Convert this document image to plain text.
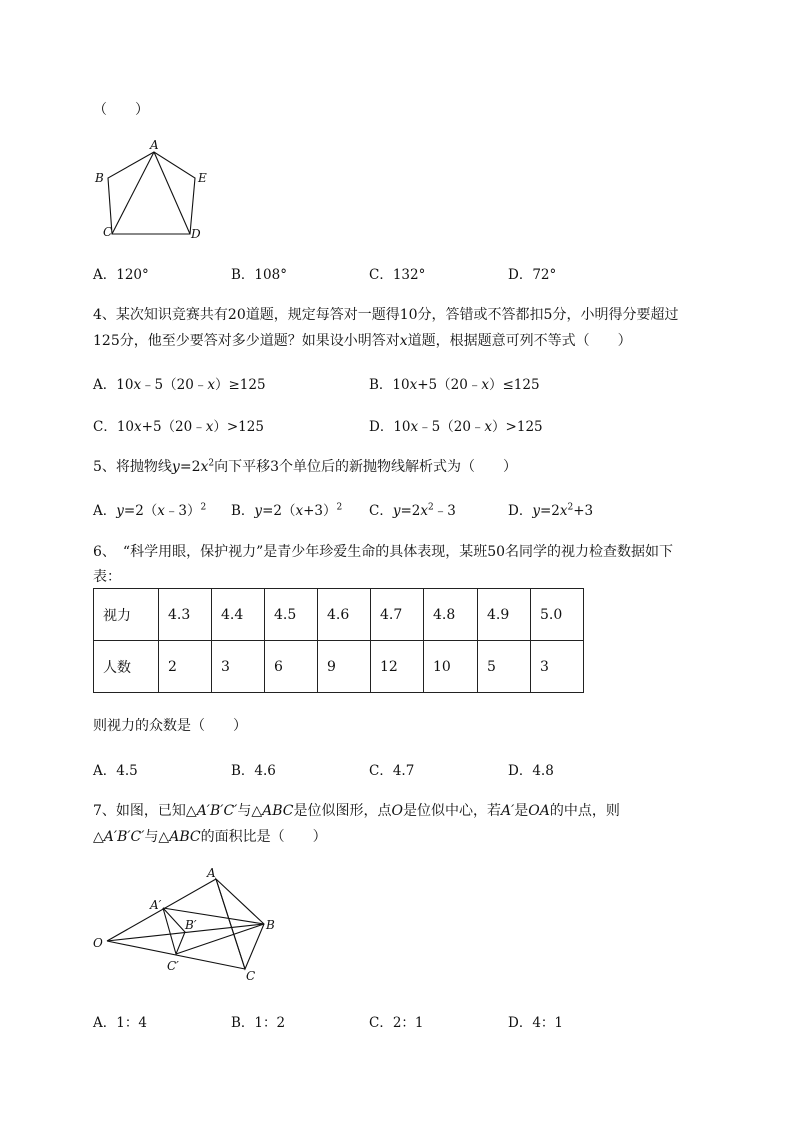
（　　）
A
B	E
C	D
A．120°	B．108°	C．132°	D．72°
4、某次知识竞赛共有20道题，规定每答对一题得10分，答错或不答都扣5分，小明得分要超过
125分，他至少要答对多少道题？如果设小明答对x道题，根据题意可列不等式（　　）
A．10x﹣5（20﹣x）≥125	B．10x+5（20﹣x）≤125
C．10x+5（20﹣x）>125	D．10x﹣5（20﹣x）>125
5、将抛物线$y=2x^2$向下平移3个单位后的新抛物线解析式为（　　）
A．y=2（x﹣3）$^2$ B．$y=2(x+3)^2$ C．$y=2x^2﹣3$	D．$y=2x^2+3$
6、　“科学用眼，保护视力”是青少年珍爱生命的具体表现，某班50名同学的视力检查数据如下
表：
视力	4.3	4.4	4.5	4.6	4.7	4.8	4.9	5.0
人数	2	3	6	9	12	10	5	3
则视力的众数是（　　）
A．4.5	B．4.6	C．4.7	D．4.8
7、如图，已知△A′B′C′与△ABC是位似图形，点O是位似中心，若A′是OA的中点，则
△A′B′C′与△ABC的面积比是（　　）
A
A′
B′	B
O
C′
C
A．1：4	B．1：2	C．2：1	D．4：1
